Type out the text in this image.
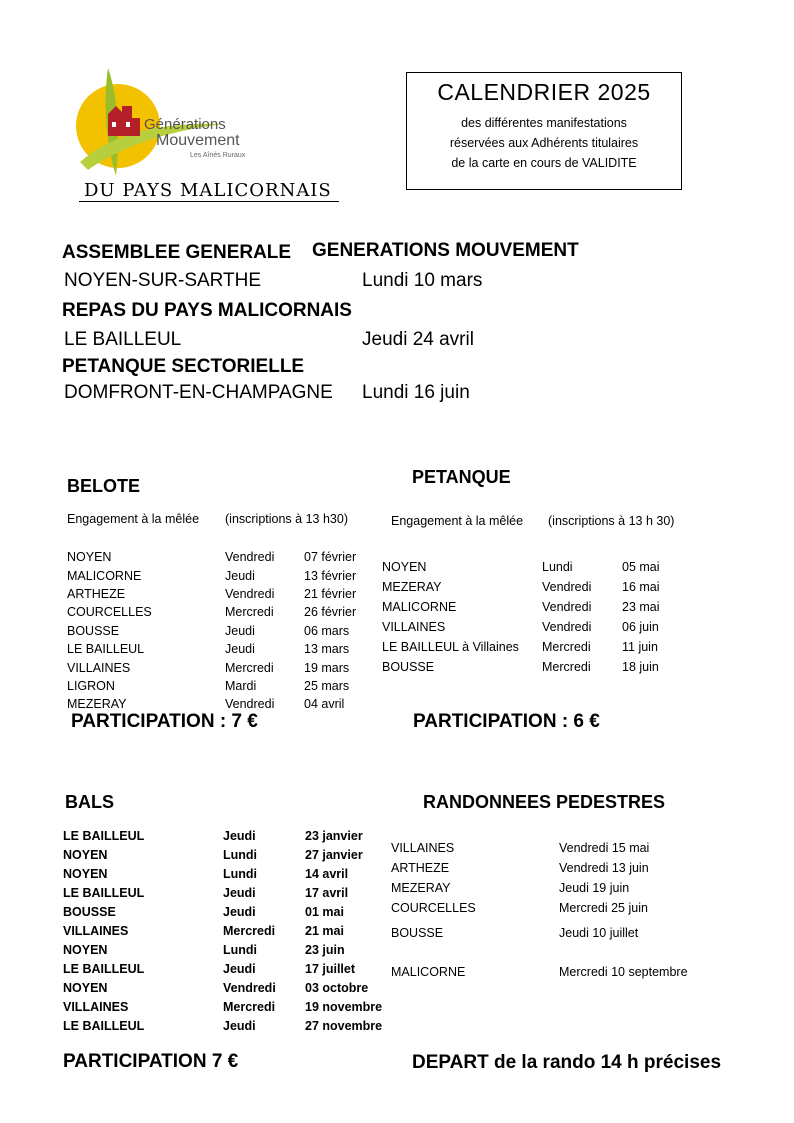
Générations
Mouvement
Les Aînés Ruraux
DU PAYS MALICORNAIS
CALENDRIER 2025
des différentes manifestations
réservées aux Adhérents titulaires
de la carte en cours de VALIDITE
ASSEMBLEE GENERALE GENERATIONS MOUVEMENT
NOYEN-SUR-SARTHE	Lundi 10 mars
REPAS DU PAYS MALICORNAIS
LE BAILLEUL	Jeudi 24 avril
PETANQUE SECTORIELLE
DOMFRONT-EN-CHAMPAGNE Lundi 16 juin
BELOTE
Engagement à la mêlée (inscriptions à 13 h30)
NOYEN	Vendredi 07 février
MALICORNE	Jeudi	13 février
ARTHEZE	Vendredi 21 février
COURCELLES	Mercredi 26 février
BOUSSE	Jeudi	06 mars
LE BAILLEUL	Jeudi	13 mars
VILLAINES	Mercredi 19 mars
LIGRON	Mardi	25 mars
MEZERAY	Vendredi 04 avril
PARTICIPATION : 7 €
PETANQUE
Engagement à la mêlée (inscriptions à 13 h 30)
NOYEN	Lundi	05 mai
MEZERAY	Vendredi 16 mai
MALICORNE	Vendredi 23 mai
VILLAINES	Vendredi 06 juin
LE BAILLEUL à Villaines Mercredi	11 juin
BOUSSE	Mercredi	18 juin
PARTICIPATION : 6 €
BALS
LE BAILLEUL	Jeudi	23 janvier
NOYEN	Lundi	27 janvier
NOYEN	Lundi	14 avril
LE BAILLEUL	Jeudi	17 avril
BOUSSE	Jeudi	01 mai
VILLAINES	Mercredi 21 mai
NOYEN	Lundi	23 juin
LE BAILLEUL	Jeudi	17 juillet
NOYEN	Vendredi 03 octobre
VILLAINES	Mercredi 19 novembre
LE BAILLEUL	Jeudi	27 novembre
PARTICIPATION 7 €
RANDONNEES PEDESTRES
VILLAINES	Vendredi 15 mai
ARTHEZE	Vendredi 13 juin
MEZERAY	Jeudi 19 juin
COURCELLES	Mercredi 25 juin
BOUSSE	Jeudi 10 juillet
MALICORNE	Mercredi 10 septembre
DEPART de la rando 14 h précises
